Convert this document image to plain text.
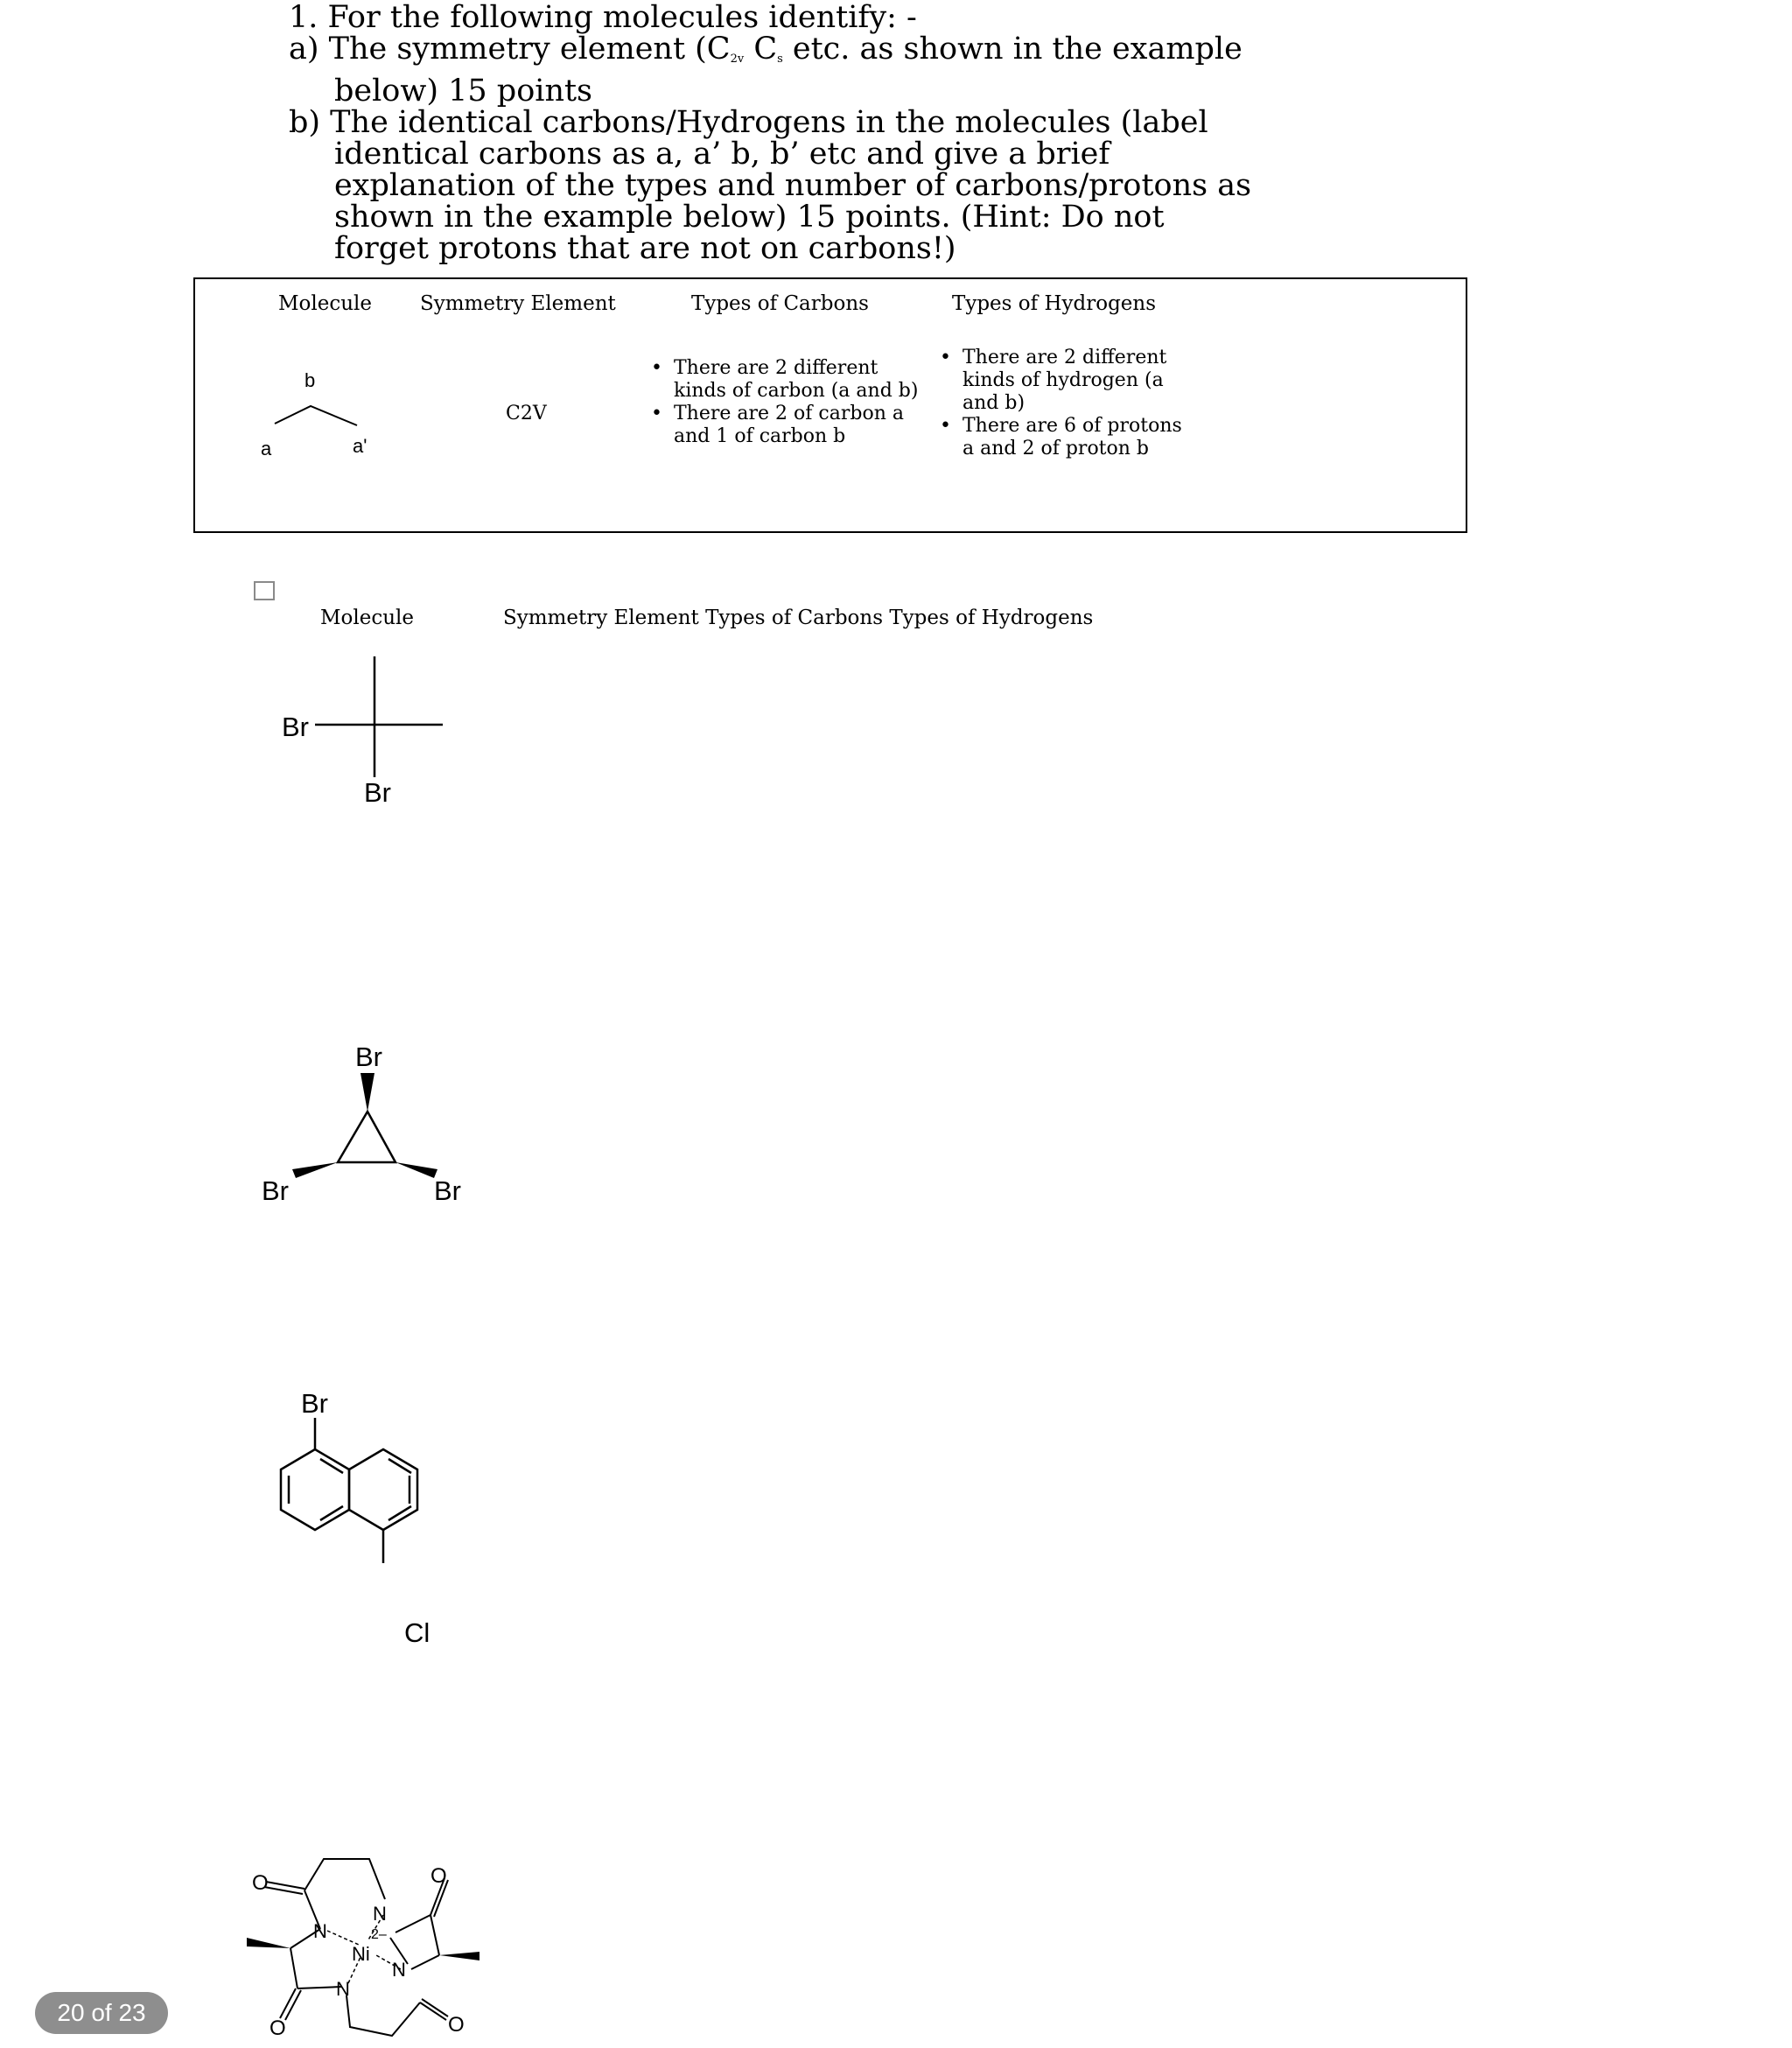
1. For the following molecules identify: -
a) The symmetry element ($C_{2v}$ $C_s$ etc. as shown in the example
below) 15 points
b) The identical carbons/Hydrogens in the molecules (label
identical carbons as a, a’ b, b’ etc and give a brief
explanation of the types and number of carbons/protons as
shown in the example below) 15 points. (Hint: Do not
forget protons that are not on carbons!)
Molecule Symmetry Element	Types of Carbons	Types of Hydrogens
b
a	a'
C2V
• There are 2 different kinds of carbon (a and b)
• There are 2 of carbon a and 1 of carbon b
• There are 2 different kinds of hydrogen (a and b)
• There are 6 of protons a and 2 of proton b
Molecule	Symmetry Element Types of Carbons Types of Hydrogens
Br
Br
Br
Br	Br
Br
Cl
O	O
O	O
N
N
N
N
Ni
2–
20 of 23
